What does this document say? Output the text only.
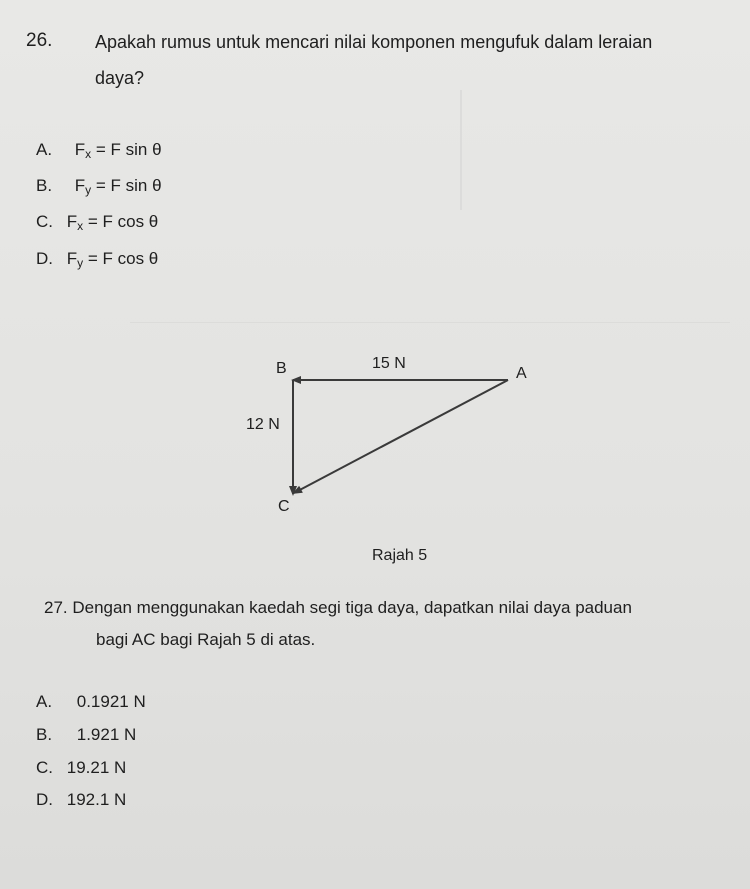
26. Apakah rumus untuk mencari nilai komponen mengufuk dalam leraian
daya?
A. $F_x = F$ sin θ
B. $F_y = F$ sin θ
C. $F_x = F$ cos θ
D. $F_y = F$ cos θ
B	15 N
A
12 N
C
Rajah 5
27. Dengan menggunakan kaedah segi tiga daya, dapatkan nilai daya paduan
bagi AC bagi Rajah 5 di atas.
A. 0.1921 N
B. 1.921 N
C. 19.21 N
D. 192.1 N
